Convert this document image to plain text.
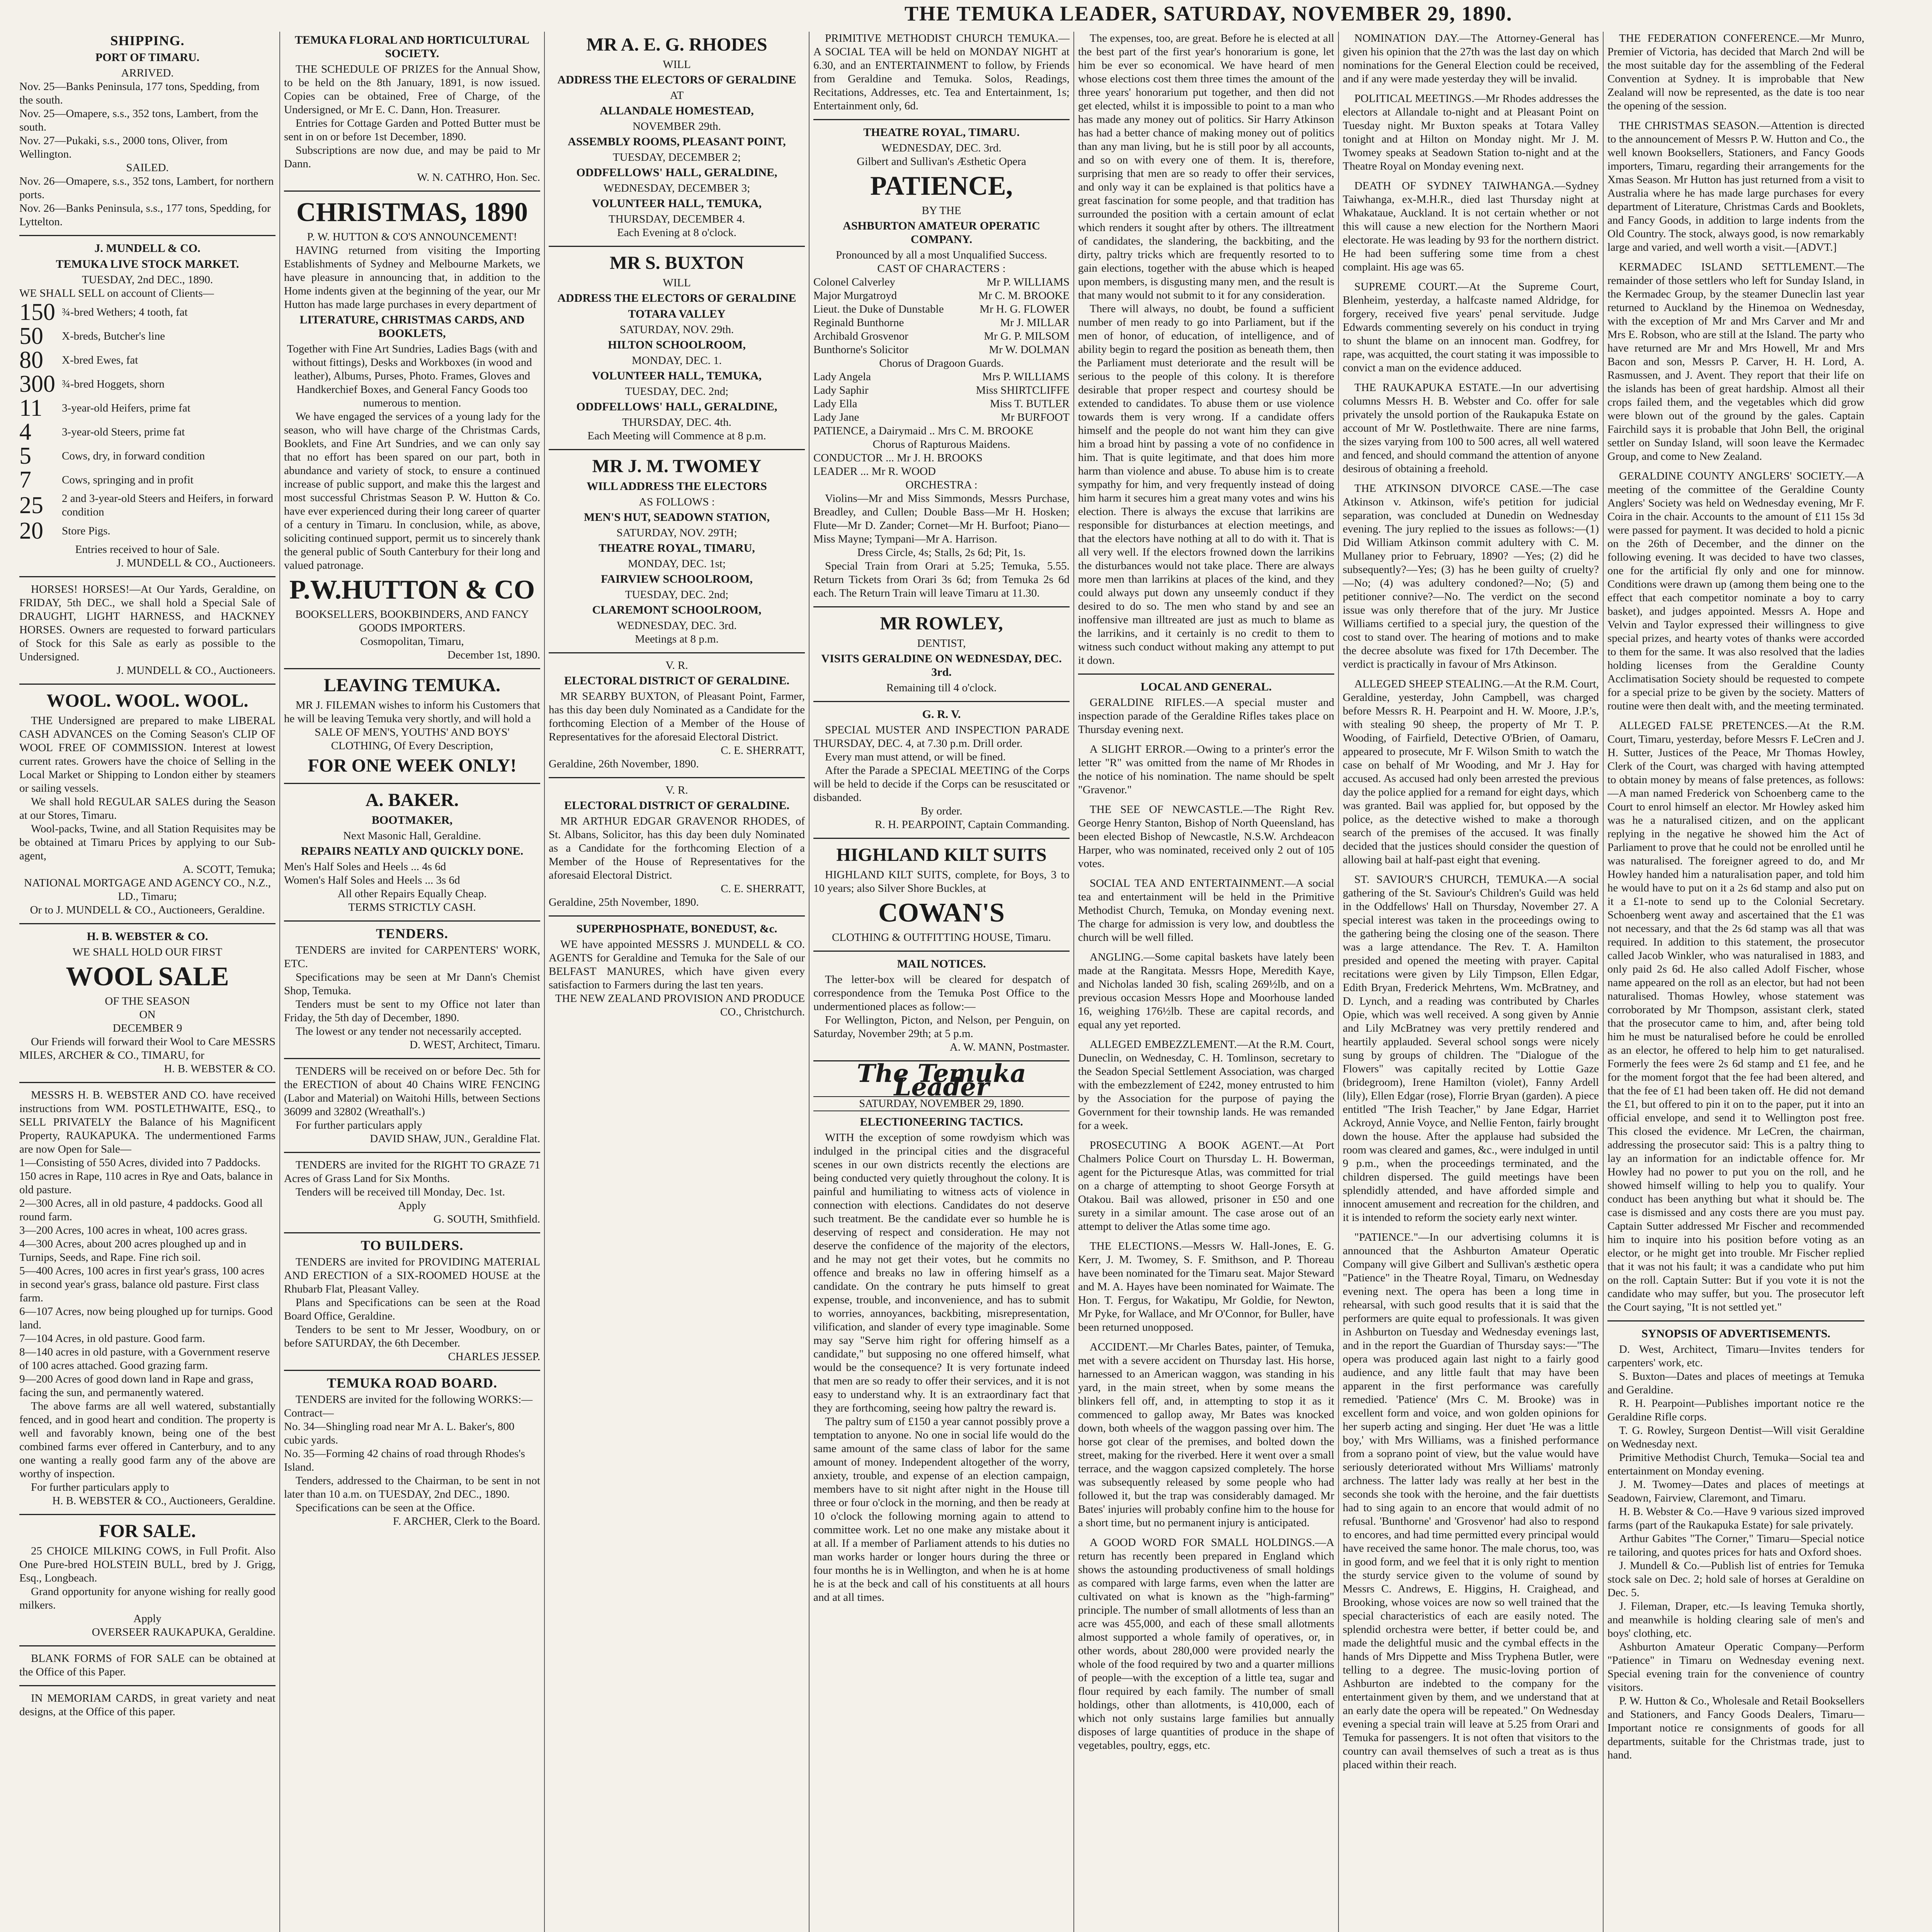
THE TEMUKA LEADER, SATURDAY, NOVEMBER 29, 1890.
SHIPPING.
PORT OF TIMARU.
ARRIVED.
Nov. 25—Banks Peninsula, 177 tons, Spedding, from the south.
Nov. 25—Omapere, s.s., 352 tons, Lambert, from the south.
Nov. 27—Pukaki, s.s., 2000 tons, Oliver, from Wellington.
SAILED.
Nov. 26—Omapere, s.s., 352 tons, Lambert, for northern ports.
Nov. 26—Banks Peninsula, s.s., 177 tons, Spedding, for Lyttelton.
J. MUNDELL & CO.
TEMUKA LIVE STOCK MARKET.
TUESDAY, 2nd DEC., 1890.
WE SHALL SELL on account of Clients—
150 ¾-bred Wethers; 4 tooth, fat
50	X-breds, Butcher's line
80	X-bred Ewes, fat
300 ¾-bred Hoggets, shorn
11	3-year-old Heifers, prime fat
4	3-year-old Steers, prime fat
5	Cows, dry, in forward condition
7	Cows, springing and in profit
25	2 and 3-year-old Steers and Heifers, in forward condition
20	Store Pigs.
Entries received to hour of Sale.
J. MUNDELL & CO., Auctioneers.
HORSES! HORSES!—At Our Yards, Geraldine, on FRIDAY, 5th DEC., we shall hold a Special Sale of DRAUGHT, LIGHT HARNESS, and HACKNEY HORSES. Owners are requested to forward particulars of Stock for this Sale as early as possible to the Undersigned.
J. MUNDELL & CO., Auctioneers.
WOOL. WOOL. WOOL.
THE Undersigned are prepared to make LIBERAL CASH ADVANCES on the Coming Season's CLIP OF WOOL FREE OF COMMISSION. Interest at lowest current rates. Growers have the choice of Selling in the Local Market or Shipping to London either by steamers or sailing vessels.
We shall hold REGULAR SALES during the Season at our Stores, Timaru.
Wool-packs, Twine, and all Station Requisites may be be obtained at Timaru Prices by applying to our Sub-agent,
A. SCOTT, Temuka;
NATIONAL MORTGAGE AND AGENCY CO., N.Z., LD., Timaru;
Or to J. MUNDELL & CO., Auctioneers, Geraldine.
H. B. WEBSTER & CO.
WE SHALL HOLD OUR FIRST
WOOL SALE
OF THE SEASON
ON
DECEMBER 9
Our Friends will forward their Wool to Care MESSRS MILES, ARCHER & CO., TIMARU, for
H. B. WEBSTER & CO.
MESSRS H. B. WEBSTER AND CO. have received instructions from WM. POSTLETHWAITE, ESQ., to SELL PRIVATELY the Balance of his Magnificent Property, RAUKAPUKA. The undermentioned Farms are now Open for Sale—
1—Consisting of 550 Acres, divided into 7 Paddocks. 150 acres in Rape, 110 acres in Rye and Oats, balance in old pasture.
2—300 Acres, all in old pasture, 4 paddocks. Good all round farm.
3—200 Acres, 100 acres in wheat, 100 acres grass.
4—300 Acres, about 200 acres ploughed up and in Turnips, Seeds, and Rape. Fine rich soil.
5—400 Acres, 100 acres in first year's grass, 100 acres in second year's grass, balance old pasture. First class farm.
6—107 Acres, now being ploughed up for turnips. Good land.
7—104 Acres, in old pasture. Good farm.
8—140 acres in old pasture, with a Government reserve of 100 acres attached. Good grazing farm.
9—200 Acres of good down land in Rape and grass, facing the sun, and permanently watered.
The above farms are all well watered, substantially fenced, and in good heart and condition. The property is well and favorably known, being one of the best combined farms ever offered in Canterbury, and to any one wanting a really good farm any of the above are worthy of inspection.
For further particulars apply to
H. B. WEBSTER & CO., Auctioneers, Geraldine.
FOR SALE.
25 CHOICE MILKING COWS, in Full Profit. Also One Pure-bred HOLSTEIN BULL, bred by J. Grigg, Esq., Longbeach.
Grand opportunity for anyone wishing for really good milkers.
Apply
OVERSEER RAUKAPUKA, Geraldine.
BLANK FORMS of FOR SALE can be obtained at the Office of this Paper.
IN MEMORIAM CARDS, in great variety and neat designs, at the Office of this paper.
TEMUKA FLORAL AND HORTICULTURAL SOCIETY.
THE SCHEDULE OF PRIZES for the Annual Show, to be held on the 8th January, 1891, is now issued. Copies can be obtained, Free of Charge, of the Undersigned, or Mr E. C. Dann, Hon. Treasurer.
Entries for Cottage Garden and Potted Butter must be sent in on or before 1st December, 1890.
Subscriptions are now due, and may be paid to Mr Dann.
W. N. CATHRO, Hon. Sec.
CHRISTMAS, 1890
P. W. HUTTON & CO'S ANNOUNCEMENT!
HAVING returned from visiting the Importing Establishments of Sydney and Melbourne Markets, we have pleasure in announcing that, in addition to the Home indents given at the beginning of the year, our Mr Hutton has made large purchases in every department of
LITERATURE, CHRISTMAS CARDS, AND BOOKLETS,
Together with Fine Art Sundries, Ladies Bags (with and without fittings), Desks and Workboxes (in wood and leather), Albums, Purses, Photo. Frames, Gloves and Handkerchief Boxes, and General Fancy Goods too numerous to mention.
We have engaged the services of a young lady for the season, who will have charge of the Christmas Cards, Booklets, and Fine Art Sundries, and we can only say that no effort has been spared on our part, both in abundance and variety of stock, to ensure a continued increase of public support, and make this the largest and most successful Christmas Season P. W. Hutton & Co. have ever experienced during their long career of quarter of a century in Timaru. In conclusion, while, as above, soliciting continued support, permit us to sincerely thank the general public of South Canterbury for their long and valued patronage.
P.W.HUTTON & CO
BOOKSELLERS, BOOKBINDERS, AND FANCY GOODS IMPORTERS.
Cosmopolitan, Timaru,
December 1st, 1890.
LEAVING TEMUKA.
MR J. FILEMAN wishes to inform his Customers that he will be leaving Temuka very shortly, and will hold a
SALE OF MEN'S, YOUTHS' AND BOYS' CLOTHING, Of Every Description,
FOR ONE WEEK ONLY!
A. BAKER.
BOOTMAKER,
Next Masonic Hall, Geraldine.
REPAIRS NEATLY AND QUICKLY DONE.
Men's Half Soles and Heels ... 4s 6d
Women's Half Soles and Heels ... 3s 6d
All other Repairs Equally Cheap.
TERMS STRICTLY CASH.
TENDERS.
TENDERS are invited for CARPENTERS' WORK, ETC.
Specifications may be seen at Mr Dann's Chemist Shop, Temuka.
Tenders must be sent to my Office not later than Friday, the 5th day of December, 1890.
The lowest or any tender not necessarily accepted.
D. WEST, Architect, Timaru.
TENDERS will be received on or before Dec. 5th for the ERECTION of about 40 Chains WIRE FENCING (Labor and Material) on Waitohi Hills, between Sections 36099 and 32802 (Wreathall's.)
For further particulars apply
DAVID SHAW, JUN., Geraldine Flat.
TENDERS are invited for the RIGHT TO GRAZE 71 Acres of Grass Land for Six Months.
Tenders will be received till Monday, Dec. 1st.
Apply
G. SOUTH, Smithfield.
TO BUILDERS.
TENDERS are invited for PROVIDING MATERIAL AND ERECTION of a SIX-ROOMED HOUSE at the Rhubarb Flat, Pleasant Valley.
Plans and Specifications can be seen at the Road Board Office, Geraldine.
Tenders to be sent to Mr Jesser, Woodbury, on or before SATURDAY, the 6th December.
CHARLES JESSEP.
TEMUKA ROAD BOARD.
TENDERS are invited for the following WORKS:—
Contract—
No. 34—Shingling road near Mr A. L. Baker's, 800 cubic yards.
No. 35—Forming 42 chains of road through Rhodes's Island.
Tenders, addressed to the Chairman, to be sent in not later than 10 a.m. on TUESDAY, 2nd DEC., 1890.
Specifications can be seen at the Office.
F. ARCHER, Clerk to the Board.
MR A. E. G. RHODES
WILL
ADDRESS THE ELECTORS OF GERALDINE
AT
ALLANDALE HOMESTEAD,
NOVEMBER 29th.
ASSEMBLY ROOMS, PLEASANT POINT,
TUESDAY, DECEMBER 2;
ODDFELLOWS' HALL, GERALDINE,
WEDNESDAY, DECEMBER 3;
VOLUNTEER HALL, TEMUKA,
THURSDAY, DECEMBER 4.
Each Evening at 8 o'clock.
MR S. BUXTON
WILL
ADDRESS THE ELECTORS OF GERALDINE
TOTARA VALLEY
SATURDAY, NOV. 29th.
HILTON SCHOOLROOM,
MONDAY, DEC. 1.
VOLUNTEER HALL, TEMUKA,
TUESDAY, DEC. 2nd;
ODDFELLOWS' HALL, GERALDINE,
THURSDAY, DEC. 4th.
Each Meeting will Commence at 8 p.m.
MR J. M. TWOMEY
WILL ADDRESS THE ELECTORS
AS FOLLOWS :
MEN'S HUT, SEADOWN STATION,
SATURDAY, NOV. 29TH;
THEATRE ROYAL, TIMARU,
MONDAY, DEC. 1st;
FAIRVIEW SCHOOLROOM,
TUESDAY, DEC. 2nd;
CLAREMONT SCHOOLROOM,
WEDNESDAY, DEC. 3rd.
Meetings at 8 p.m.
V. R.
ELECTORAL DISTRICT OF GERALDINE.
MR SEARBY BUXTON, of Pleasant Point, Farmer, has this day been duly Nominated as a Candidate for the forthcoming Election of a Member of the House of Representatives for the aforesaid Electoral District.
C. E. SHERRATT,
Geraldine, 26th November, 1890.
V. R.
ELECTORAL DISTRICT OF GERALDINE.
MR ARTHUR EDGAR GRAVENOR RHODES, of St. Albans, Solicitor, has this day been duly Nominated as a Candidate for the forthcoming Election of a Member of the House of Representatives for the aforesaid Electoral District.
C. E. SHERRATT,
Geraldine, 25th November, 1890.
SUPERPHOSPHATE, BONEDUST, &c.
WE have appointed MESSRS J. MUNDELL & CO. AGENTS for Geraldine and Temuka for the Sale of our BELFAST MANURES, which have given every satisfaction to Farmers during the last ten years.
THE NEW ZEALAND PROVISION AND PRODUCE CO., Christchurch.
PRIMITIVE METHODIST CHURCH TEMUKA.—A SOCIAL TEA will be held on MONDAY NIGHT at 6.30, and an ENTERTAINMENT to follow, by Friends from Geraldine and Temuka. Solos, Readings, Recitations, Addresses, etc. Tea and Entertainment, 1s; Entertainment only, 6d.
THEATRE ROYAL, TIMARU.
WEDNESDAY, DEC. 3rd.
Gilbert and Sullivan's Æsthetic Opera
PATIENCE,
BY THE
ASHBURTON AMATEUR OPERATIC COMPANY.
Pronounced by all a most Unqualified Success.
CAST OF CHARACTERS :
Colonel Calverley	Mr P. WILLIAMS
Major Murgatroyd	Mr C. M. BROOKE
Lieut. the Duke of Dunstable	Mr H. G. FLOWER
Reginald Bunthorne	Mr J. MILLAR
Archibald Grosvenor	Mr G. P. MILSOM
Bunthorne's Solicitor	Mr W. DOLMAN
Chorus of Dragoon Guards.
Lady Angela	Mrs P. WILLIAMS
Lady Saphir	Miss SHIRTCLIFFE
Lady Ella	Miss T. BUTLER
Lady Jane	Mr BURFOOT
PATIENCE, a Dairymaid .. Mrs C. M. BROOKE
Chorus of Rapturous Maidens.
CONDUCTOR ... Mr J. H. BROOKS
LEADER ... Mr R. WOOD
ORCHESTRA :
Violins—Mr and Miss Simmonds, Messrs Purchase, Breadley, and Cullen; Double Bass—Mr H. Hosken; Flute—Mr D. Zander; Cornet—Mr H. Burfoot; Piano—Miss Mayne; Tympani—Mr A. Harrison.
Dress Circle, 4s; Stalls, 2s 6d; Pit, 1s.
Special Train from Orari at 5.25; Temuka, 5.55. Return Tickets from Orari 3s 6d; from Temuka 2s 6d each. The Return Train will leave Timaru at 11.30.
MR ROWLEY,
DENTIST,
VISITS GERALDINE ON WEDNESDAY, DEC. 3rd.
Remaining till 4 o'clock.
G. R. V.
SPECIAL MUSTER AND INSPECTION PARADE THURSDAY, DEC. 4, at 7.30 p.m. Drill order.
Every man must attend, or will be fined.
After the Parade a SPECIAL MEETING of the Corps will be held to decide if the Corps can be resuscitated or disbanded.
By order.
R. H. PEARPOINT, Captain Commanding.
HIGHLAND KILT SUITS
HIGHLAND KILT SUITS, complete, for Boys, 3 to 10 years; also Silver Shore Buckles, at
COWAN'S
CLOTHING & OUTFITTING HOUSE, Timaru.
MAIL NOTICES.
The letter-box will be cleared for despatch of correspondence from the Temuka Post Office to the undermentioned places as follow:—
For Wellington, Picton, and Nelson, per Penguin, on Saturday, November 29th; at 5 p.m.
A. W. MANN, Postmaster.
The Temuka Leader
SATURDAY, NOVEMBER 29, 1890.
ELECTIONEERING TACTICS.
WITH the exception of some rowdyism which was indulged in the principal cities and the disgraceful scenes in our own districts recently the elections are being conducted very quietly throughout the colony. It is painful and humiliating to witness acts of violence in connection with elections. Candidates do not deserve such treatment. Be the candidate ever so humble he is deserving of respect and consideration. He may not deserve the confidence of the majority of the electors, and he may not get their votes, but he commits no offence and breaks no law in offering himself as a candidate. On the contrary he puts himself to great expense, trouble, and inconvenience, and has to submit to worries, annoyances, backbiting, misrepresentation, vilification, and slander of every type imaginable. Some may say "Serve him right for offering himself as a candidate," but supposing no one offered himself, what would be the consequence? It is very fortunate indeed that men are so ready to offer their services, and it is not easy to understand why. It is an extraordinary fact that they are forthcoming, seeing how paltry the reward is.
The paltry sum of £150 a year cannot possibly prove a temptation to anyone. No one in social life would do the same amount of the same class of labor for the same amount of money. Independent altogether of the worry, anxiety, trouble, and expense of an election campaign, members have to sit night after night in the House till three or four o'clock in the morning, and then be ready at 10 o'clock the following morning again to attend to committee work. Let no one make any mistake about it at all. If a member of Parliament attends to his duties no man works harder or longer hours during the three or four months he is in Wellington, and when he is at home he is at the beck and call of his constituents at all hours and at all times.
The expenses, too, are great. Before he is elected at all the best part of the first year's honorarium is gone, let him be ever so economical. We have heard of men whose elections cost them three times the amount of the three years' honorarium put together, and then did not get elected, whilst it is impossible to point to a man who has made any money out of politics. Sir Harry Atkinson has had a better chance of making money out of politics than any man living, but he is still poor by all accounts, and so on with every one of them. It is, therefore, surprising that men are so ready to offer their services, and only way it can be explained is that politics have a great fascination for some people, and that tradition has surrounded the position with a certain amount of eclat which renders it sought after by others. The illtreatment of candidates, the slandering, the backbiting, and the dirty, paltry tricks which are frequently resorted to to gain elections, together with the abuse which is heaped upon members, is disgusting many men, and the result is that many would not submit to it for any consideration.
There will always, no doubt, be found a sufficient number of men ready to go into Parliament, but if the men of honor, of education, of intelligence, and of ability begin to regard the position as beneath them, then the Parliament must deteriorate and the result will be serious to the people of this colony. It is therefore desirable that proper respect and courtesy should be extended to candidates. To abuse them or use violence towards them is very wrong. If a candidate offers himself and the people do not want him they can give him a broad hint by passing a vote of no confidence in him. That is quite legitimate, and that does him more harm than violence and abuse. To abuse him is to create sympathy for him, and very frequently instead of doing him harm it secures him a great many votes and wins his election. There is always the excuse that larrikins are responsible for disturbances at election meetings, and that the electors have nothing at all to do with it. That is all very well. If the electors frowned down the larrikins the disturbances would not take place. There are always more men than larrikins at places of the kind, and they could always put down any unseemly conduct if they desired to do so. The men who stand by and see an inoffensive man illtreated are just as much to blame as the larrikins, and it certainly is no credit to them to witness such conduct without making any attempt to put it down.
LOCAL AND GENERAL.
GERALDINE RIFLES.—A special muster and inspection parade of the Geraldine Rifles takes place on Thursday evening next.
A SLIGHT ERROR.—Owing to a printer's error the letter "R" was omitted from the name of Mr Rhodes in the notice of his nomination. The name should be spelt "Gravenor."
THE SEE OF NEWCASTLE.—The Right Rev. George Henry Stanton, Bishop of North Queensland, has been elected Bishop of Newcastle, N.S.W. Archdeacon Harper, who was nominated, received only 2 out of 105 votes.
SOCIAL TEA AND ENTERTAINMENT.—A social tea and entertainment will be held in the Primitive Methodist Church, Temuka, on Monday evening next. The charge for admission is very low, and doubtless the church will be well filled.
ANGLING.—Some capital baskets have lately been made at the Rangitata. Messrs Hope, Meredith Kaye, and Nicholas landed 30 fish, scaling 269½lb, and on a previous occasion Messrs Hope and Moorhouse landed 16, weighing 176½lb. These are capital records, and equal any yet reported.
ALLEGED EMBEZZLEMENT.—At the R.M. Court, Duneclin, on Wednesday, C. H. Tomlinson, secretary to the Seadon Special Settlement Association, was charged with the embezzlement of £242, money entrusted to him by the Association for the purpose of paying the Government for their township lands. He was remanded for a week.
PROSECUTING A BOOK AGENT.—At Port Chalmers Police Court on Thursday L. H. Bowerman, agent for the Picturesque Atlas, was committed for trial on a charge of attempting to shoot George Forsyth at Otakou. Bail was allowed, prisoner in £50 and one surety in a similar amount. The case arose out of an attempt to deliver the Atlas some time ago.
THE ELECTIONS.—Messrs W. Hall-Jones, E. G. Kerr, J. M. Twomey, S. F. Smithson, and P. Thoreau have been nominated for the Timaru seat. Major Steward and M. A. Hayes have been nominated for Waimate. The Hon. T. Fergus, for Wakatipu, Mr Goldie, for Newton, Mr Pyke, for Wallace, and Mr O'Connor, for Buller, have been returned unopposed.
ACCIDENT.—Mr Charles Bates, painter, of Temuka, met with a severe accident on Thursday last. His horse, harnessed to an American waggon, was standing in his yard, in the main street, when by some means the blinkers fell off, and, in attempting to stop it as it commenced to gallop away, Mr Bates was knocked down, both wheels of the waggon passing over him. The horse got clear of the premises, and bolted down the street, making for the riverbed. Here it went over a small terrace, and the waggon capsized completely. The horse was subsequently released by some people who had followed it, but the trap was considerably damaged. Mr Bates' injuries will probably confine him to the house for a short time, but no permanent injury is anticipated.
A GOOD WORD FOR SMALL HOLDINGS.—A return has recently been prepared in England which shows the astounding productiveness of small holdings as compared with large farms, even when the latter are cultivated on what is known as the "high-farming" principle. The number of small allotments of less than an acre was 455,000, and each of these small allotments almost supported a whole family of operatives, or, in other words, about 280,000 were provided nearly the whole of the food required by two and a quarter millions of people—with the exception of a little tea, sugar and flour required by each family. The number of small holdings, other than allotments, is 410,000, each of which not only sustains large families but annually disposes of large quantities of produce in the shape of vegetables, poultry, eggs, etc.
NOMINATION DAY.—The Attorney-General has given his opinion that the 27th was the last day on which nominations for the General Election could be received, and if any were made yesterday they will be invalid.
POLITICAL MEETINGS.—Mr Rhodes addresses the electors at Allandale to-night and at Pleasant Point on Tuesday night. Mr Buxton speaks at Totara Valley tonight and at Hilton on Monday night. Mr J. M. Twomey speaks at Seadown Station to-night and at the Theatre Royal on Monday evening next.
DEATH OF SYDNEY TAIWHANGA.—Sydney Taiwhanga, ex-M.H.R., died last Thursday night at Whakataue, Auckland. It is not certain whether or not this will cause a new election for the Northern Maori electorate. He was leading by 93 for the northern district. He had been suffering some time from a chest complaint. His age was 65.
SUPREME COURT.—At the Supreme Court, Blenheim, yesterday, a halfcaste named Aldridge, for forgery, received five years' penal servitude. Judge Edwards commenting severely on his conduct in trying to shunt the blame on an innocent man. Godfrey, for rape, was acquitted, the court stating it was impossible to convict a man on the evidence adduced.
THE RAUKAPUKA ESTATE.—In our advertising columns Messrs H. B. Webster and Co. offer for sale privately the unsold portion of the Raukapuka Estate on account of Mr W. Postlethwaite. There are nine farms, the sizes varying from 100 to 500 acres, all well watered and fenced, and should command the attention of anyone desirous of obtaining a freehold.
THE ATKINSON DIVORCE CASE.—The case Atkinson v. Atkinson, wife's petition for judicial separation, was concluded at Dunedin on Wednesday evening. The jury replied to the issues as follows:—(1) Did William Atkinson commit adultery with C. M. Mullaney prior to February, 1890? —Yes; (2) did he subsequently?—Yes; (3) has he been guilty of cruelty?—No; (4) was adultery condoned?—No; (5) and petitioner connive?—No. The verdict on the second issue was only therefore that of the jury. Mr Justice Williams certified to a special jury, the question of the cost to stand over. The hearing of motions and to make the decree absolute was fixed for 17th December. The verdict is practically in favour of Mrs Atkinson.
ALLEGED SHEEP STEALING.—At the R.M. Court, Geraldine, yesterday, John Campbell, was charged before Messrs R. H. Pearpoint and H. W. Moore, J.P.'s, with stealing 90 sheep, the property of Mr T. P. Wooding, of Fairfield, Detective O'Brien, of Oamaru, appeared to prosecute, Mr F. Wilson Smith to watch the case on behalf of Mr Wooding, and Mr J. Hay for accused. As accused had only been arrested the previous day the police applied for a remand for eight days, which was granted. Bail was applied for, but opposed by the police, as the detective wished to make a thorough search of the premises of the accused. It was finally decided that the justices should consider the question of allowing bail at half-past eight that evening.
ST. SAVIOUR'S CHURCH, TEMUKA.—A social gathering of the St. Saviour's Children's Guild was held in the Oddfellows' Hall on Thursday, November 27. A special interest was taken in the proceedings owing to the gathering being the closing one of the season. There was a large attendance. The Rev. T. A. Hamilton presided and opened the meeting with prayer. Capital recitations were given by Lily Timpson, Ellen Edgar, Edith Bryan, Frederick Mehrtens, Wm. McBratney, and D. Lynch, and a reading was contributed by Charles Opie, which was well received. A song given by Annie and Lily McBratney was very prettily rendered and heartily applauded. Several school songs were nicely sung by groups of children. The "Dialogue of the Flowers" was capitally recited by Lottie Gaze (bridegroom), Irene Hamilton (violet), Fanny Ardell (lily), Ellen Edgar (rose), Florrie Bryan (garden). A piece entitled "The Irish Teacher," by Jane Edgar, Harriet Ackroyd, Annie Voyce, and Nellie Fenton, fairly brought down the house. After the applause had subsided the room was cleared and games, &c., were indulged in until 9 p.m., when the proceedings terminated, and the children dispersed. The guild meetings have been splendidly attended, and have afforded simple and innocent amusement and recreation for the children, and it is intended to reform the society early next winter.
"PATIENCE."—In our advertising columns it is announced that the Ashburton Amateur Operatic Company will give Gilbert and Sullivan's æsthetic opera "Patience" in the Theatre Royal, Timaru, on Wednesday evening next. The opera has been a long time in rehearsal, with such good results that it is said that the performers are quite equal to professionals. It was given in Ashburton on Tuesday and Wednesday evenings last, and in the report the Guardian of Thursday says:—"The opera was produced again last night to a fairly good audience, and any little fault that may have been apparent in the first performance was carefully remedied. 'Patience' (Mrs C. M. Brooke) was in excellent form and voice, and won golden opinions for her superb acting and singing. Her duet 'He was a little boy,' with Mrs Williams, was a finished performance from a soprano point of view, but the value would have seriously deteriorated without Mrs Williams' matronly archness. The latter lady was really at her best in the seconds she took with the heroine, and the fair duettists had to sing again to an encore that would admit of no refusal. 'Bunthorne' and 'Grosvenor' had also to respond to encores, and had time permitted every principal would have received the same honor. The male chorus, too, was in good form, and we feel that it is only right to mention the sturdy service given to the volume of sound by Messrs C. Andrews, E. Higgins, H. Craighead, and Brooking, whose voices are now so well trained that the special characteristics of each are easily noted. The splendid orchestra were better, if better could be, and made the delightful music and the cymbal effects in the hands of Mrs Dippette and Miss Tryphena Butler, were telling to a degree. The music-loving portion of Ashburton are indebted to the company for the entertainment given by them, and we understand that at an early date the opera will be repeated." On Wednesday evening a special train will leave at 5.25 from Orari and Temuka for passengers. It is not often that visitors to the country can avail themselves of such a treat as is thus placed within their reach.
THE FEDERATION CONFERENCE.—Mr Munro, Premier of Victoria, has decided that March 2nd will be the most suitable day for the assembling of the Federal Convention at Sydney. It is improbable that New Zealand will now be represented, as the date is too near the opening of the session.
THE CHRISTMAS SEASON.—Attention is directed to the announcement of Messrs P. W. Hutton and Co., the well known Booksellers, Stationers, and Fancy Goods importers, Timaru, regarding their arrangements for the Xmas Season. Mr Hutton has just returned from a visit to Australia where he has made large purchases for every department of Literature, Christmas Cards and Booklets, and Fancy Goods, in addition to large indents from the Old Country. The stock, always good, is now remarkably large and varied, and well worth a visit.—[ADVT.]
KERMADEC ISLAND SETTLEMENT.—The remainder of those settlers who left for Sunday Island, in the Kermadec Group, by the steamer Duneclin last year returned to Auckland by the Hinemoa on Wednesday, with the exception of Mr and Mrs Carver and Mr and Mrs E. Robson, who are still at the Island. The party who have returned are Mr and Mrs Howell, Mr and Mrs Bacon and son, Messrs P. Carver, H. H. Lord, A. Rasmussen, and J. Avent. They report that their life on the islands has been of great hardship. Almost all their crops failed them, and the vegetables which did grow were blown out of the ground by the gales. Captain Fairchild says it is probable that John Bell, the original settler on Sunday Island, will soon leave the Kermadec Group, and come to New Zealand.
GERALDINE COUNTY ANGLERS' SOCIETY.—A meeting of the committee of the Geraldine County Anglers' Society was held on Wednesday evening, Mr F. Coira in the chair. Accounts to the amount of £11 15s 3d were passed for payment. It was decided to hold a picnic on the 26th of December, and the dinner on the following evening. It was decided to have two classes, one for the artificial fly only and one for minnow. Conditions were drawn up (among them being one to the effect that each competitor nominate a boy to carry basket), and judges appointed. Messrs A. Hope and Velvin and Taylor expressed their willingness to give special prizes, and hearty votes of thanks were accorded to them for the same. It was also resolved that the ladies holding licenses from the Geraldine County Acclimatisation Society should be requested to compete for a special prize to be given by the society. Matters of routine were then dealt with, and the meeting terminated.
ALLEGED FALSE PRETENCES.—At the R.M. Court, Timaru, yesterday, before Messrs F. LeCren and J. H. Sutter, Justices of the Peace, Mr Thomas Howley, Clerk of the Court, was charged with having attempted to obtain money by means of false pretences, as follows:—A man named Frederick von Schoenberg came to the Court to enrol himself an elector. Mr Howley asked him was he a naturalised citizen, and on the applicant replying in the negative he showed him the Act of Parliament to prove that he could not be enrolled until he was naturalised. The foreigner agreed to do, and Mr Howley handed him a naturalisation paper, and told him he would have to put on it a 2s 6d stamp and also put on it a £1-note to send up to the Colonial Secretary. Schoenberg went away and ascertained that the £1 was not necessary, and that the 2s 6d stamp was all that was required. In addition to this statement, the prosecutor called Jacob Winkler, who was naturalised in 1883, and only paid 2s 6d. He also called Adolf Fischer, whose name appeared on the roll as an elector, but had not been naturalised. Thomas Howley, whose statement was corroborated by Mr Thompson, assistant clerk, stated that the prosecutor came to him, and, after being told him he must be naturalised before he could be enrolled as an elector, he offered to help him to get naturalised. Formerly the fees were 2s 6d stamp and £1 fee, and he for the moment forgot that the fee had been altered, and that the fee of £1 had been taken off. He did not demand the £1, but offered to pin it on to the paper, put it into an official envelope, and send it to Wellington post free. This closed the evidence. Mr LeCren, the chairman, addressing the prosecutor said: This is a paltry thing to lay an information for an indictable offence for. Mr Howley had no power to put you on the roll, and he showed himself willing to help you to qualify. Your conduct has been anything but what it should be. The case is dismissed and any costs there are you must pay. Captain Sutter addressed Mr Fischer and recommended him to inquire into his position before voting as an elector, or he might get into trouble. Mr Fischer replied that it was not his fault; it was a candidate who put him on the roll. Captain Sutter: But if you vote it is not the candidate who may suffer, but you. The prosecutor left the Court saying, "It is not settled yet."
SYNOPSIS OF ADVERTISEMENTS.
D. West, Architect, Timaru—Invites tenders for carpenters' work, etc.
S. Buxton—Dates and places of meetings at Temuka and Geraldine.
R. H. Pearpoint—Publishes important notice re the Geraldine Rifle corps.
T. G. Rowley, Surgeon Dentist—Will visit Geraldine on Wednesday next.
Primitive Methodist Church, Temuka—Social tea and entertainment on Monday evening.
J. M. Twomey—Dates and places of meetings at Seadown, Fairview, Claremont, and Timaru.
H. B. Webster & Co.—Have 9 various sized improved farms (part of the Raukapuka Estate) for sale privately.
Arthur Gabites "The Corner," Timaru—Special notice re tailoring, and quotes prices for hats and Oxford shoes.
J. Mundell & Co.—Publish list of entries for Temuka stock sale on Dec. 2; hold sale of horses at Geraldine on Dec. 5.
J. Fileman, Draper, etc.—Is leaving Temuka shortly, and meanwhile is holding clearing sale of men's and boys' clothing, etc.
Ashburton Amateur Operatic Company—Perform "Patience" in Timaru on Wednesday evening next. Special evening train for the convenience of country visitors.
P. W. Hutton & Co., Wholesale and Retail Booksellers and Stationers, and Fancy Goods Dealers, Timaru—Important notice re consignments of goods for all departments, suitable for the Christmas trade, just to hand.
